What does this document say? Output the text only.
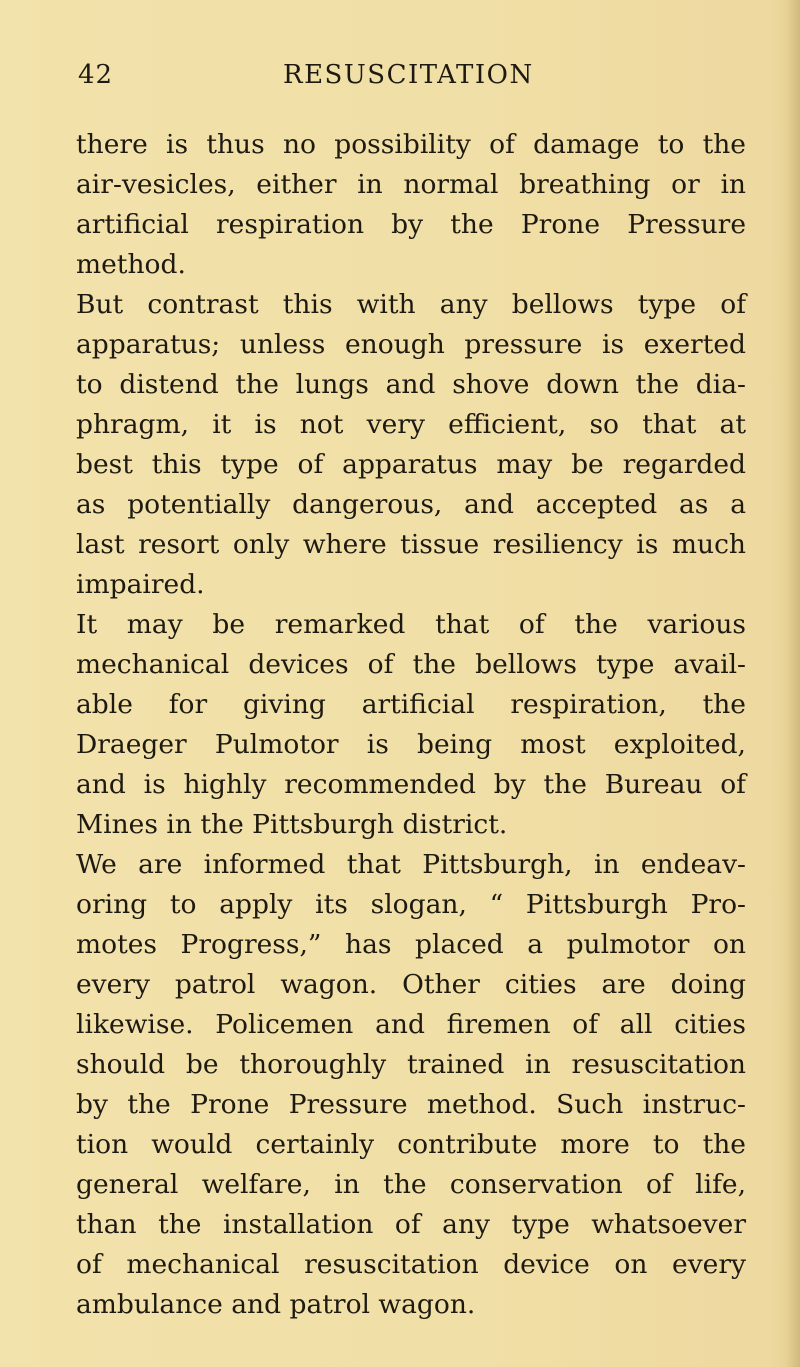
42	RESUSCITATION
there is thus no possibility of damage to the
air-vesicles, either in normal breathing or in
artificial respiration by the Prone Pressure
method.
But contrast this with any bellows type of
apparatus; unless enough pressure is exerted
to distend the lungs and shove down the dia-
phragm, it is not very efficient, so that at
best this type of apparatus may be regarded
as potentially dangerous, and accepted as a
last resort only where tissue resiliency is much
impaired.
It may be remarked that of the various
mechanical devices of the bellows type avail-
able for giving artificial respiration, the
Draeger Pulmotor is being most exploited,
and is highly recommended by the Bureau of
Mines in the Pittsburgh district.
We are informed that Pittsburgh, in endeav-
oring to apply its slogan, “ Pittsburgh Pro-
motes Progress,” has placed a pulmotor on
every patrol wagon. Other cities are doing
likewise. Policemen and firemen of all cities
should be thoroughly trained in resuscitation
by the Prone Pressure method. Such instruc-
tion would certainly contribute more to the
general welfare, in the conservation of life,
than the installation of any type whatsoever
of mechanical resuscitation device on every
ambulance and patrol wagon.
